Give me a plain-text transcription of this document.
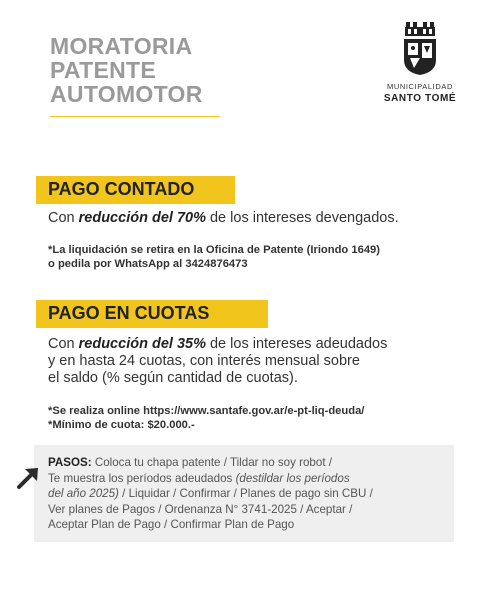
MORATORIA
PATENTE
AUTOMOTOR	MUNICIPALIDAD
SANTO TOMÉ
PAGO CONTADO
Con reducción del 70% de los intereses devengados.
*La liquidación se retira en la Oficina de Patente (Iriondo 1649)
o pedila por WhatsApp al 3424876473
PAGO EN CUOTAS
Con reducción del 35% de los intereses adeudados
y en hasta 24 cuotas, con interés mensual sobre
el saldo (% según cantidad de cuotas).
*Se realiza online https://www.santafe.gov.ar/e-pt-liq-deuda/
*Mínimo de cuota: $20.000.-
PASOS: Coloca tu chapa patente / Tildar no soy robot /
Te muestra los períodos adeudados (destildar los períodos
del año 2025) / Liquidar / Confirmar / Planes de pago sin CBU /
Ver planes de Pagos / Ordenanza N° 3741-2025 / Aceptar /
Aceptar Plan de Pago / Confirmar Plan de Pago
